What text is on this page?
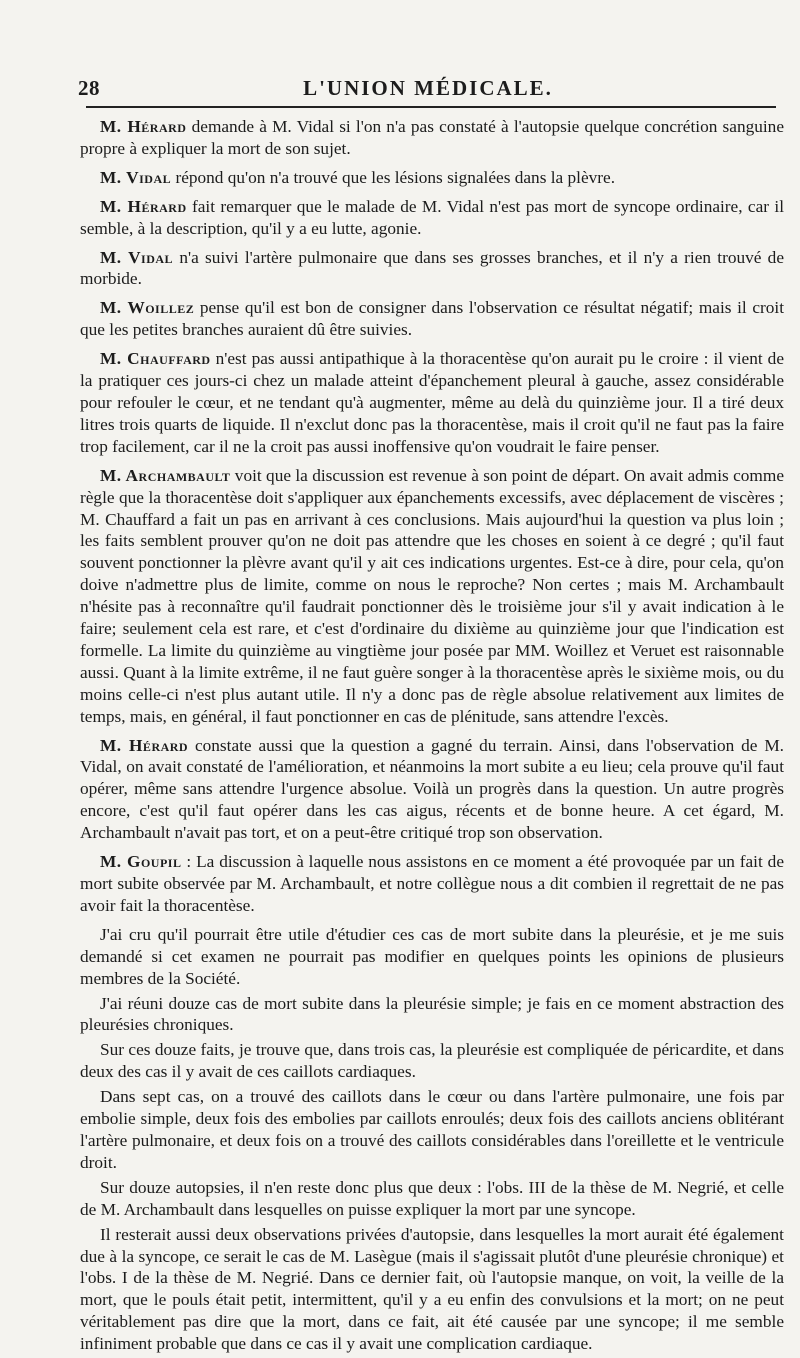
28	L'UNION MÉDICALE.

M. Hérard demande à M. Vidal si l'on n'a pas constaté à l'autopsie quelque concrétion sanguine propre à expliquer la mort de son sujet.

M. Vidal répond qu'on n'a trouvé que les lésions signalées dans la plèvre.

M. Hérard fait remarquer que le malade de M. Vidal n'est pas mort de syncope ordinaire, car il semble, à la description, qu'il y a eu lutte, agonie.

M. Vidal n'a suivi l'artère pulmonaire que dans ses grosses branches, et il n'y a rien trouvé de morbide.

M. Woillez pense qu'il est bon de consigner dans l'observation ce résultat négatif; mais il croit que les petites branches auraient dû être suivies.

M. Chauffard n'est pas aussi antipathique à la thoracentèse qu'on aurait pu le croire : il vient de la pratiquer ces jours-ci chez un malade atteint d'épanchement pleural à gauche, assez considérable pour refouler le cœur, et ne tendant qu'à augmenter, même au delà du quinzième jour. Il a tiré deux litres trois quarts de liquide. Il n'exclut donc pas la thoracentèse, mais il croit qu'il ne faut pas la faire trop facilement, car il ne la croit pas aussi inoffensive qu'on voudrait le faire penser.

M. Archambault voit que la discussion est revenue à son point de départ. On avait admis comme règle que la thoracentèse doit s'appliquer aux épanchements excessifs, avec déplacement de viscères ; M. Chauffard a fait un pas en arrivant à ces conclusions. Mais aujourd'hui la question va plus loin ; les faits semblent prouver qu'on ne doit pas attendre que les choses en soient à ce degré ; qu'il faut souvent ponctionner la plèvre avant qu'il y ait ces indications urgentes. Est-ce à dire, pour cela, qu'on doive n'admettre plus de limite, comme on nous le reproche? Non certes ; mais M. Archambault n'hésite pas à reconnaître qu'il faudrait ponctionner dès le troisième jour s'il y avait indication à le faire; seulement cela est rare, et c'est d'ordinaire du dixième au quinzième jour que l'indication est formelle. La limite du quinzième au vingtième jour posée par MM. Woillez et Veruet est raisonnable aussi. Quant à la limite extrême, il ne faut guère songer à la thoracentèse après le sixième mois, ou du moins celle-ci n'est plus autant utile. Il n'y a donc pas de règle absolue relativement aux limites de temps, mais, en général, il faut ponctionner en cas de plénitude, sans attendre l'excès.

M. Hérard constate aussi que la question a gagné du terrain. Ainsi, dans l'observation de M. Vidal, on avait constaté de l'amélioration, et néanmoins la mort subite a eu lieu; cela prouve qu'il faut opérer, même sans attendre l'urgence absolue. Voilà un progrès dans la question. Un autre progrès encore, c'est qu'il faut opérer dans les cas aigus, récents et de bonne heure. A cet égard, M. Archambault n'avait pas tort, et on a peut-être critiqué trop son observation.

M. Goupil : La discussion à laquelle nous assistons en ce moment a été provoquée par un fait de mort subite observée par M. Archambault, et notre collègue nous a dit combien il regrettait de ne pas avoir fait la thoracentèse.

J'ai cru qu'il pourrait être utile d'étudier ces cas de mort subite dans la pleurésie, et je me suis demandé si cet examen ne pourrait pas modifier en quelques points les opinions de plusieurs membres de la Société.

J'ai réuni douze cas de mort subite dans la pleurésie simple; je fais en ce moment abstraction des pleurésies chroniques.

Sur ces douze faits, je trouve que, dans trois cas, la pleurésie est compliquée de péricardite, et dans deux des cas il y avait de ces caillots cardiaques.

Dans sept cas, on a trouvé des caillots dans le cœur ou dans l'artère pulmonaire, une fois par embolie simple, deux fois des embolies par caillots enroulés; deux fois des caillots anciens oblitérant l'artère pulmonaire, et deux fois on a trouvé des caillots considérables dans l'oreillette et le ventricule droit.

Sur douze autopsies, il n'en reste donc plus que deux : l'obs. III de la thèse de M. Negrié, et celle de M. Archambault dans lesquelles on puisse expliquer la mort par une syncope.

Il resterait aussi deux observations privées d'autopsie, dans lesquelles la mort aurait été également due à la syncope, ce serait le cas de M. Lasègue (mais il s'agissait plutôt d'une pleurésie chronique) et l'obs. I de la thèse de M. Negrié. Dans ce dernier fait, où l'autopsie manque, on voit, la veille de la mort, que le pouls était petit, intermittent, qu'il y a eu enfin des convulsions et la mort; on ne peut véritablement pas dire que la mort, dans ce fait, ait été causée par une syncope; il me semble infiniment probable que dans ce cas il y avait une complication cardiaque.
